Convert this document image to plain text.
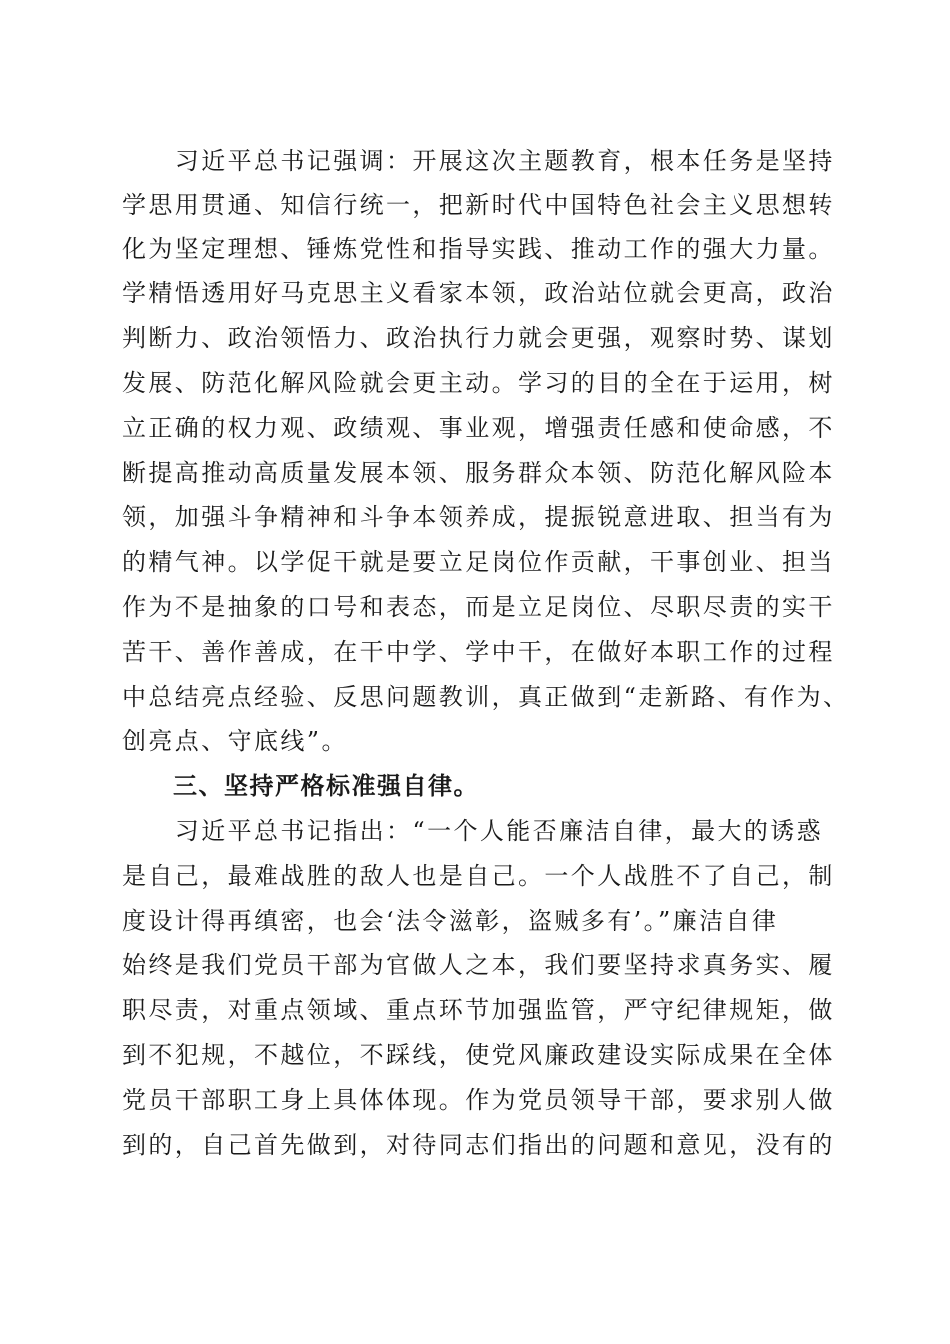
　　习近平总书记强调：开展这次主题教育，根本任务是坚持
学思用贯通、知信行统一，把新时代中国特色社会主义思想转
化为坚定理想、锤炼党性和指导实践、推动工作的强大力量。
学精悟透用好马克思主义看家本领，政治站位就会更高，政治
判断力、政治领悟力、政治执行力就会更强，观察时势、谋划
发展、防范化解风险就会更主动。学习的目的全在于运用，树
立正确的权力观、政绩观、事业观，增强责任感和使命感，不
断提高推动高质量发展本领、服务群众本领、防范化解风险本
领，加强斗争精神和斗争本领养成，提振锐意进取、担当有为
的精气神。以学促干就是要立足岗位作贡献，干事创业、担当
作为不是抽象的口号和表态，而是立足岗位、尽职尽责的实干
苦干、善作善成，在干中学、学中干，在做好本职工作的过程
中总结亮点经验、反思问题教训，真正做到“走新路、有作为、
创亮点、守底线”。
　　三、坚持严格标准强自律。
　　习近平总书记指出：“一个人能否廉洁自律，最大的诱惑
是自己，最难战胜的敌人也是自己。一个人战胜不了自己，制
度设计得再缜密，也会‘法令滋彰，盗贼多有’。”廉洁自律
始终是我们党员干部为官做人之本，我们要坚持求真务实、履
职尽责，对重点领域、重点环节加强监管，严守纪律规矩，做
到不犯规，不越位，不踩线，使党风廉政建设实际成果在全体
党员干部职工身上具体体现。作为党员领导干部，要求别人做
到的，自己首先做到，对待同志们指出的问题和意见，没有的
